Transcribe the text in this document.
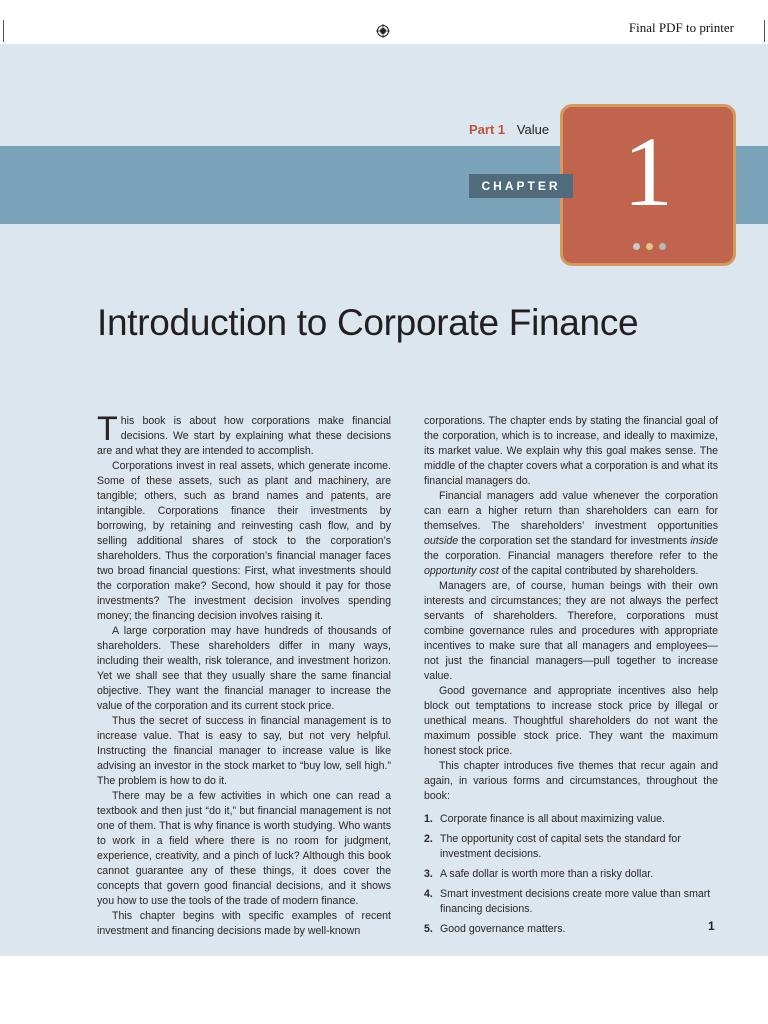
Final PDF to printer
Part 1 Value 1
CHAPTER
Introduction to Corporate Finance

This book is about how corporations make financial decisions. We start by explaining what these decisions are and what they are intended to accomplish.

Corporations invest in real assets, which generate income. Some of these assets, such as plant and machinery, are tangible; others, such as brand names and patents, are intangible. Corporations finance their investments by borrowing, by retaining and reinvesting cash flow, and by selling additional shares of stock to the corporation’s shareholders. Thus the corporation’s financial manager faces two broad financial questions: First, what investments should the corporation make? Second, how should it pay for those investments? The investment decision involves spending money; the financing decision involves raising it.

A large corporation may have hundreds of thousands of shareholders. These shareholders differ in many ways, including their wealth, risk tolerance, and investment horizon. Yet we shall see that they usually share the same financial objective. They want the financial manager to increase the value of the corporation and its current stock price.

Thus the secret of success in financial management is to increase value. That is easy to say, but not very helpful. Instructing the financial manager to increase value is like advising an investor in the stock market to “buy low, sell high.” The problem is how to do it.

There may be a few activities in which one can read a textbook and then just “do it,” but financial management is not one of them. That is why finance is worth studying. Who wants to work in a field where there is no room for judgment, experience, creativity, and a pinch of luck? Although this book cannot guarantee any of these things, it does cover the concepts that govern good financial decisions, and it shows you how to use the tools of the trade of modern finance.

This chapter begins with specific examples of recent investment and financing decisions made by well-known

corporations. The chapter ends by stating the financial goal of the corporation, which is to increase, and ideally to maximize, its market value. We explain why this goal makes sense. The middle of the chapter covers what a corporation is and what its financial managers do.

Financial managers add value whenever the corporation can earn a higher return than shareholders can earn for themselves. The shareholders’ investment opportunities outside the corporation set the standard for investments inside the corporation. Financial managers therefore refer to the opportunity cost of the capital contributed by shareholders.

Managers are, of course, human beings with their own interests and circumstances; they are not always the perfect servants of shareholders. Therefore, corporations must combine governance rules and procedures with appropriate incentives to make sure that all managers and employees—not just the financial managers—pull together to increase value.

Good governance and appropriate incentives also help block out temptations to increase stock price by illegal or unethical means. Thoughtful shareholders do not want the maximum possible stock price. They want the maximum honest stock price.

This chapter introduces five themes that recur again and again, in various forms and circumstances, throughout the book:

1. Corporate finance is all about maximizing value.
2. The opportunity cost of capital sets the standard for investment decisions.
3. A safe dollar is worth more than a risky dollar.
4. Smart investment decisions create more value than smart financing decisions.
5. Good governance matters.	1
